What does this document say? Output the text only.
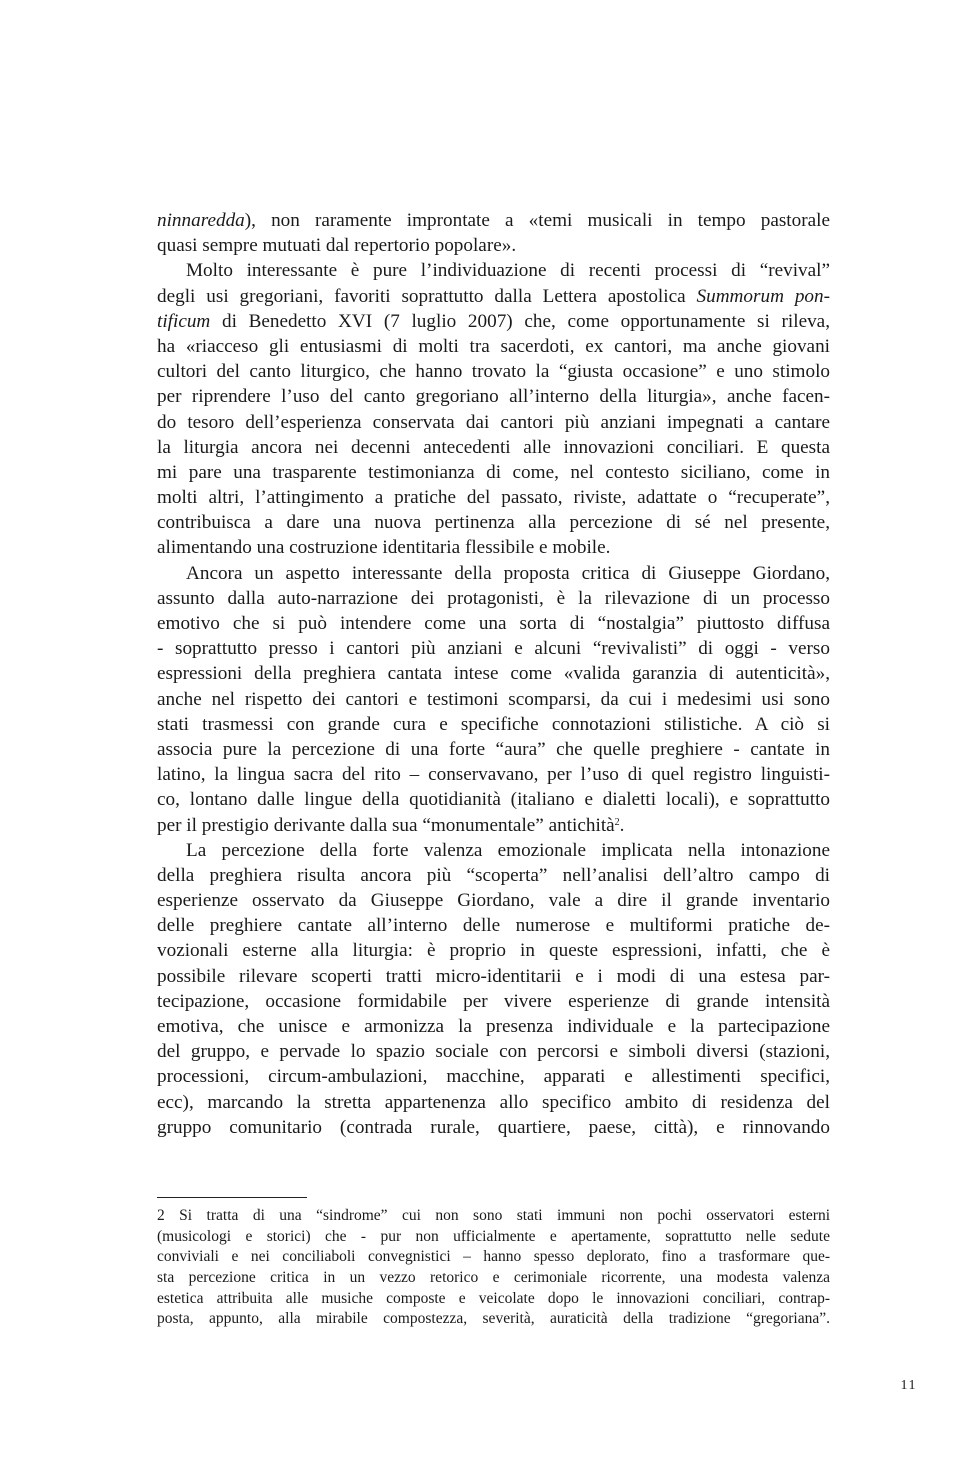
ninnaredda), non raramente improntate a «temi musicali in tempo pastorale
quasi sempre mutuati dal repertorio popolare».
Molto interessante è pure l’individuazione di recenti processi di “revival”
degli usi gregoriani, favoriti soprattutto dalla Lettera apostolica Summorum pon-
tificum di Benedetto XVI (7 luglio 2007) che, come opportunamente si rileva,
ha «riacceso gli entusiasmi di molti tra sacerdoti, ex cantori, ma anche giovani
cultori del canto liturgico, che hanno trovato la “giusta occasione” e uno stimolo
per riprendere l’uso del canto gregoriano all’interno della liturgia», anche facen-
do tesoro dell’esperienza conservata dai cantori più anziani impegnati a cantare
la liturgia ancora nei decenni antecedenti alle innovazioni conciliari. E questa
mi pare una trasparente testimonianza di come, nel contesto siciliano, come in
molti altri, l’attingimento a pratiche del passato, riviste, adattate o “recuperate”,
contribuisca a dare una nuova pertinenza alla percezione di sé nel presente,
alimentando una costruzione identitaria flessibile e mobile.
Ancora un aspetto interessante della proposta critica di Giuseppe Giordano,
assunto dalla auto-narrazione dei protagonisti, è la rilevazione di un processo
emotivo che si può intendere come una sorta di “nostalgia” piuttosto diffusa
- soprattutto presso i cantori più anziani e alcuni “revivalisti” di oggi - verso
espressioni della preghiera cantata intese come «valida garanzia di autenticità»,
anche nel rispetto dei cantori e testimoni scomparsi, da cui i medesimi usi sono
stati trasmessi con grande cura e specifiche connotazioni stilistiche. A ciò si
associa pure la percezione di una forte “aura” che quelle preghiere - cantate in
latino, la lingua sacra del rito – conservavano, per l’uso di quel registro linguisti-
co, lontano dalle lingue della quotidianità (italiano e dialetti locali), e soprattutto
per il prestigio derivante dalla sua “monumentale” antichità$^2$.
La percezione della forte valenza emozionale implicata nella intonazione
della preghiera risulta ancora più “scoperta” nell’analisi dell’altro campo di
esperienze osservato da Giuseppe Giordano, vale a dire il grande inventario
delle preghiere cantate all’interno delle numerose e multiformi pratiche de-
vozionali esterne alla liturgia: è proprio in queste espressioni, infatti, che è
possibile rilevare scoperti tratti micro-identitarii e i modi di una estesa par-
tecipazione, occasione formidabile per vivere esperienze di grande intensità
emotiva, che unisce e armonizza la presenza individuale e la partecipazione
del gruppo, e pervade lo spazio sociale con percorsi e simboli diversi (stazioni,
processioni, circum-ambulazioni, macchine, apparati e allestimenti specifici,
ecc), marcando la stretta appartenenza allo specifico ambito di residenza del
gruppo comunitario (contrada rurale, quartiere, paese, città), e rinnovando
2 Si tratta di una “sindrome” cui non sono stati immuni non pochi osservatori esterni
(musicologi e storici) che - pur non ufficialmente e apertamente, soprattutto nelle sedute
conviviali e nei conciliaboli convegnistici – hanno spesso deplorato, fino a trasformare que-
sta percezione critica in un vezzo retorico e cerimoniale ricorrente, una modesta valenza
estetica attribuita alle musiche composte e veicolate dopo le innovazioni conciliari, contrap-
posta, appunto, alla mirabile compostezza, severità, auraticità della tradizione “gregoriana”.
11
